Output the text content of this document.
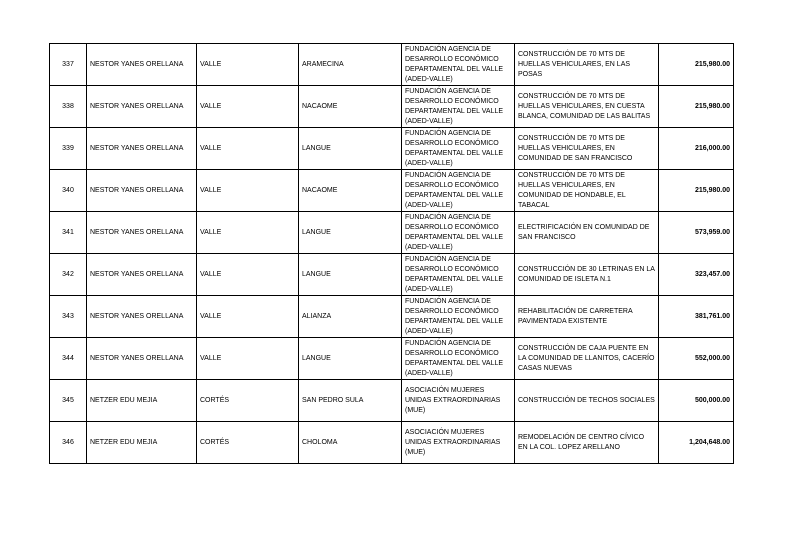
337	NESTOR YANES ORELLANA	VALLE	ARAMECINA	FUNDACIÓN AGENCIA DE DESARROLLO ECONÓMICO DEPARTAMENTAL DEL VALLE (ADED-VALLE)	CONSTRUCCIÓN DE 70 MTS DE HUELLAS VEHICULARES, EN LAS POSAS	215,980.00
338	NESTOR YANES ORELLANA	VALLE	NACAOME	FUNDACIÓN AGENCIA DE DESARROLLO ECONÓMICO DEPARTAMENTAL DEL VALLE (ADED-VALLE)	CONSTRUCCIÓN DE 70 MTS DE HUELLAS VEHICULARES, EN CUESTA BLANCA, COMUNIDAD DE LAS BALITAS	215,980.00
339	NESTOR YANES ORELLANA	VALLE	LANGUE	FUNDACIÓN AGENCIA DE DESARROLLO ECONÓMICO DEPARTAMENTAL DEL VALLE (ADED-VALLE)	CONSTRUCCIÓN DE 70 MTS DE HUELLAS VEHICULARES, EN COMUNIDAD DE SAN FRANCISCO	216,000.00
340	NESTOR YANES ORELLANA	VALLE	NACAOME	FUNDACIÓN AGENCIA DE DESARROLLO ECONÓMICO DEPARTAMENTAL DEL VALLE (ADED-VALLE)	CONSTRUCCIÓN DE 70 MTS DE HUELLAS VEHICULARES, EN COMUNIDAD DE HONDABLE, EL TABACAL	215,980.00
341	NESTOR YANES ORELLANA	VALLE	LANGUE	FUNDACIÓN AGENCIA DE DESARROLLO ECONÓMICO DEPARTAMENTAL DEL VALLE (ADED-VALLE)	ELECTRIFICACIÓN EN COMUNIDAD DE SAN FRANCISCO	573,959.00
342	NESTOR YANES ORELLANA	VALLE	LANGUE	FUNDACIÓN AGENCIA DE DESARROLLO ECONÓMICO DEPARTAMENTAL DEL VALLE (ADED-VALLE)	CONSTRUCCIÓN DE 30 LETRINAS EN LA COMUNIDAD DE ISLETA N.1	323,457.00
343	NESTOR YANES ORELLANA	VALLE	ALIANZA	FUNDACIÓN AGENCIA DE DESARROLLO ECONÓMICO DEPARTAMENTAL DEL VALLE (ADED-VALLE)	REHABILITACIÓN DE CARRETERA PAVIMENTADA EXISTENTE	381,761.00
344	NESTOR YANES ORELLANA	VALLE	LANGUE	FUNDACIÓN AGENCIA DE DESARROLLO ECONÓMICO DEPARTAMENTAL DEL VALLE (ADED-VALLE)	CONSTRUCCIÓN DE CAJA PUENTE EN LA COMUNIDAD DE LLANITOS, CACERÍO CASAS NUEVAS	552,000.00
345	NETZER EDU MEJIA	CORTÉS	SAN PEDRO SULA	ASOCIACIÓN MUJERES UNIDAS EXTRAORDINARIAS (MUE)	CONSTRUCCIÓN DE TECHOS SOCIALES	500,000.00
346	NETZER EDU MEJIA	CORTÉS	CHOLOMA	ASOCIACIÓN MUJERES UNIDAS EXTRAORDINARIAS (MUE)	REMODELACIÓN DE CENTRO CÍVICO EN LA COL. LOPEZ ARELLANO	1,204,648.00
